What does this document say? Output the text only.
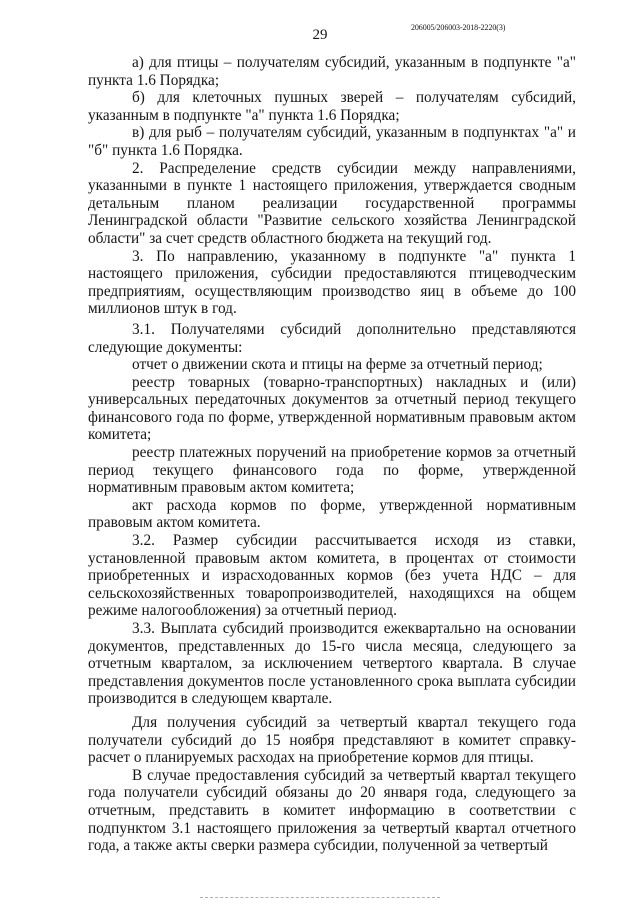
29	206005/206003-2018-2220(3)

а) для птицы – получателям субсидий, указанным в подпункте "а" пункта 1.6 Порядка;

б) для клеточных пушных зверей – получателям субсидий, указанным в подпункте "а" пункта 1.6 Порядка;

в) для рыб – получателям субсидий, указанным в подпунктах "а" и "б" пункта 1.6 Порядка.

2. Распределение средств субсидии между направлениями, указанными в пункте 1 настоящего приложения, утверждается сводным детальным планом реализации государственной программы Ленинградской области "Развитие сельского хозяйства Ленинградской области" за счет средств областного бюджета на текущий год.

3. По направлению, указанному в подпункте "а" пункта 1 настоящего приложения, субсидии предоставляются птицеводческим предприятиям, осуществляющим производство яиц в объеме до 100 миллионов штук в год.

3.1. Получателями субсидий дополнительно представляются следующие документы:

отчет о движении скота и птицы на ферме за отчетный период;

реестр товарных (товарно-транспортных) накладных и (или) универсальных передаточных документов за отчетный период текущего финансового года по форме, утвержденной нормативным правовым актом комитета;

реестр платежных поручений на приобретение кормов за отчетный период текущего финансового года по форме, утвержденной нормативным правовым актом комитета;

акт расхода кормов по форме, утвержденной нормативным правовым актом комитета.

3.2. Размер субсидии рассчитывается исходя из ставки, установленной правовым актом комитета, в процентах от стоимости приобретенных и израсходованных кормов (без учета НДС – для сельскохозяйственных товаропроизводителей, находящихся на общем режиме налогообложения) за отчетный период.

3.3. Выплата субсидий производится ежеквартально на основании документов, представленных до 15-го числа месяца, следующего за отчетным кварталом, за исключением четвертого квартала. В случае представления документов после установленного срока выплата субсидии производится в следующем квартале.

Для получения субсидий за четвертый квартал текущего года получатели субсидий до 15 ноября представляют в комитет справку-расчет о планируемых расходах на приобретение кормов для птицы.

В случае предоставления субсидий за четвертый квартал текущего года получатели субсидий обязаны до 20 января года, следующего за отчетным, представить в комитет информацию в соответствии с подпунктом 3.1 настоящего приложения за четвертый квартал отчетного года, а также акты сверки размера субсидии, полученной за четвертый
